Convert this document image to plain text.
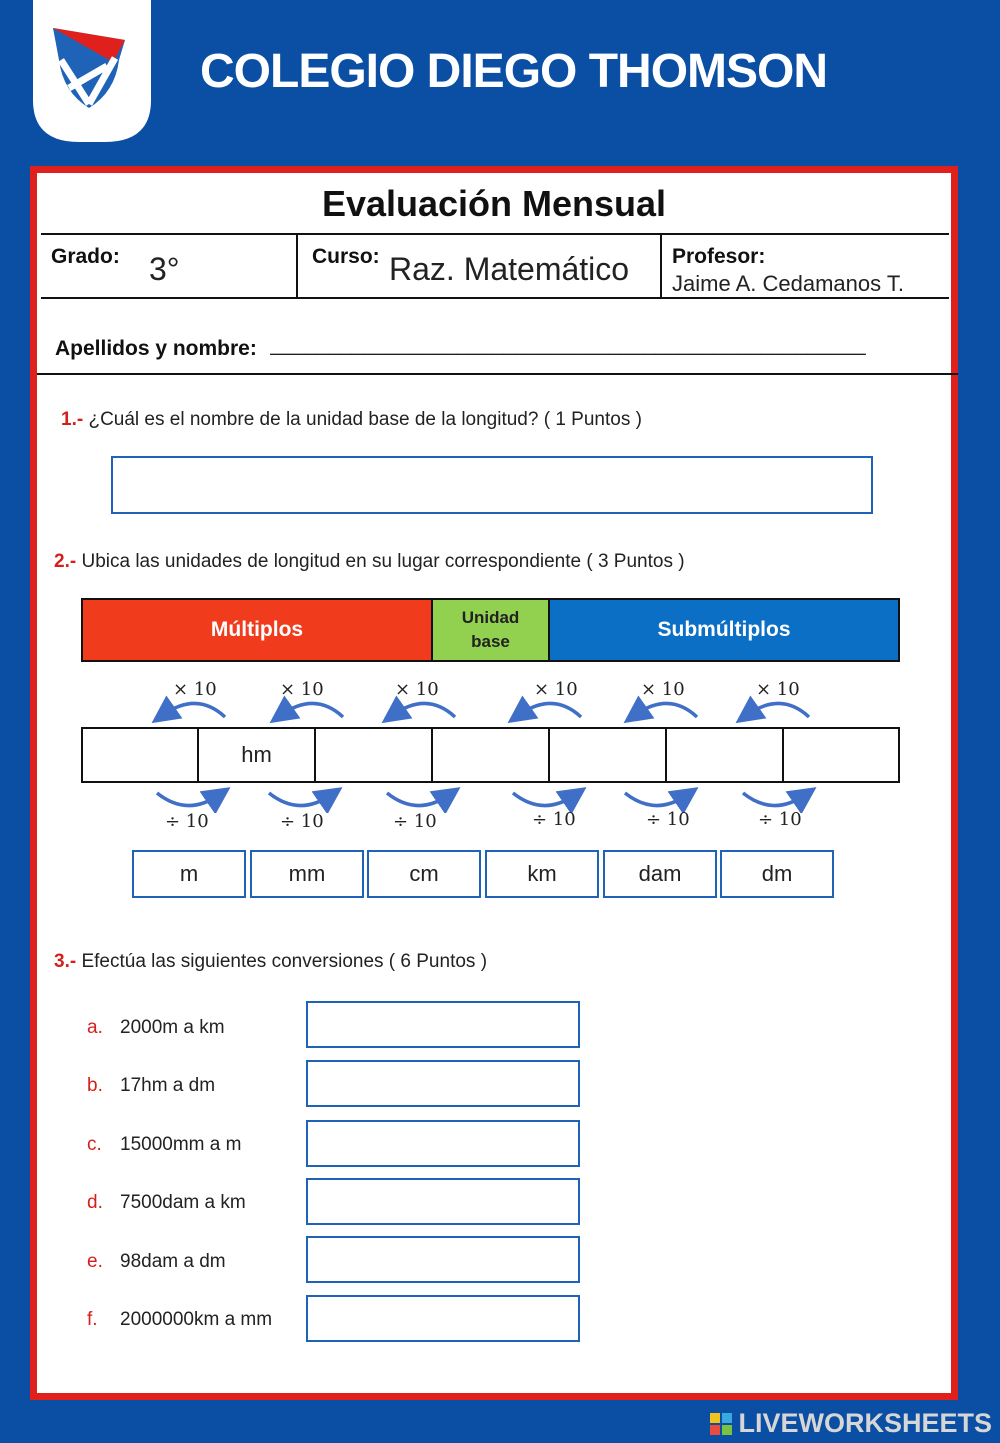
COLEGIO DIEGO THOMSON
Evaluación Mensual
Grado: 3°	Curso: Raz. Matemático Profesor:
Jaime A. Cedamanos T.
Apellidos y nombre: ___________________________________________________
1.- ¿Cuál es el nombre de la unidad base de la longitud? ( 1 Puntos )
2.- Ubica las unidades de longitud en su lugar correspondiente ( 3 Puntos )
Múltiplos
Unidad
base
Submúltiplos
× 10	× 10	× 10	× 10	× 10	× 10
hm
÷ 10	÷ 10	÷ 10	÷ 10	÷ 10	÷ 10
m	mm	cm	km	dam	dm
3.- Efectúa las siguientes conversiones ( 6 Puntos )
a. 2000m a km
b. 17hm a dm
c. 15000mm a m
d. 7500dam a km
e. 98dam a dm
f. 2000000km a mm
LIVEWORKSHEETS
